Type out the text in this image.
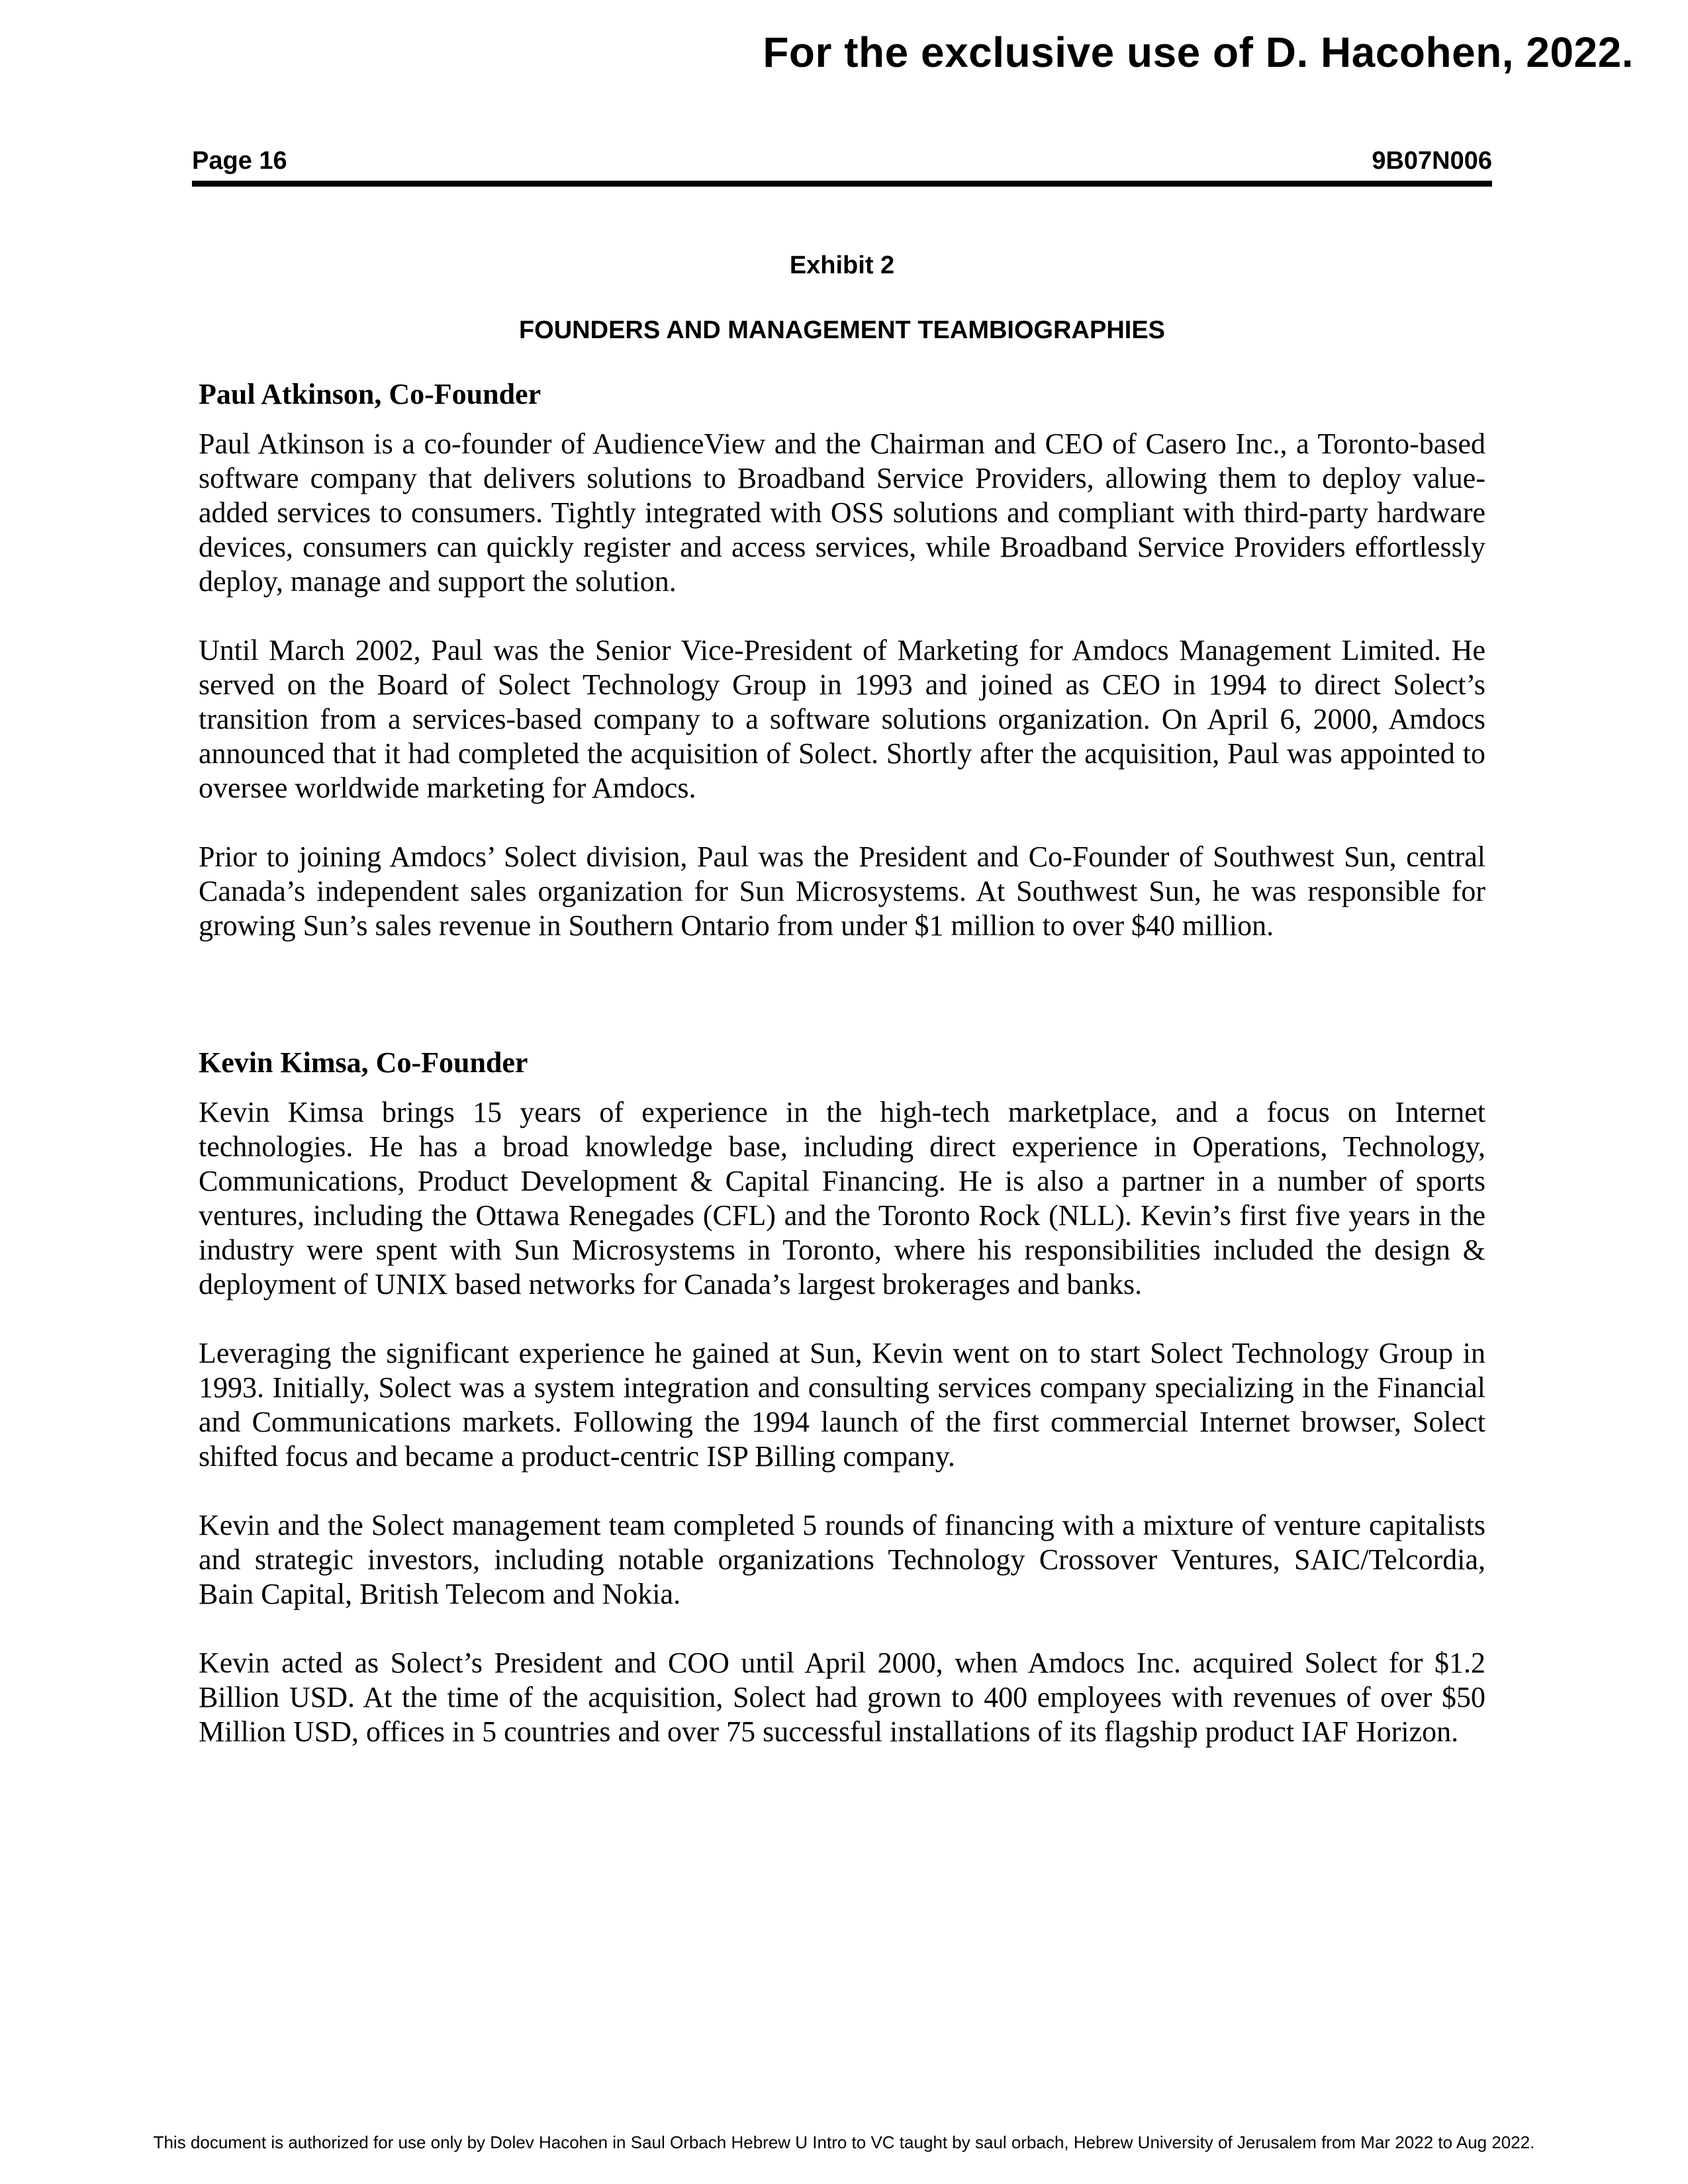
For the exclusive use of D. Hacohen, 2022.
Page 16	9B07N006
Exhibit 2
FOUNDERS AND MANAGEMENT TEAMBIOGRAPHIES
Paul Atkinson, Co-Founder

Paul Atkinson is a co-founder of AudienceView and the Chairman and CEO of Casero Inc., a Toronto-based software company that delivers solutions to Broadband Service Providers, allowing them to deploy value-added services to consumers. Tightly integrated with OSS solutions and compliant with third-party hardware devices, consumers can quickly register and access services, while Broadband Service Providers effortlessly deploy, manage and support the solution.

Until March 2002, Paul was the Senior Vice-President of Marketing for Amdocs Management Limited. He served on the Board of Solect Technology Group in 1993 and joined as CEO in 1994 to direct Solect’s transition from a services-based company to a software solutions organization. On April 6, 2000, Amdocs announced that it had completed the acquisition of Solect. Shortly after the acquisition, Paul was appointed to oversee worldwide marketing for Amdocs.

Prior to joining Amdocs’ Solect division, Paul was the President and Co-Founder of Southwest Sun, central Canada’s independent sales organization for Sun Microsystems. At Southwest Sun, he was responsible for growing Sun’s sales revenue in Southern Ontario from under $1 million to over $40 million.

Kevin Kimsa, Co-Founder

Kevin Kimsa brings 15 years of experience in the high-tech marketplace, and a focus on Internet technologies. He has a broad knowledge base, including direct experience in Operations, Technology, Communications, Product Development & Capital Financing. He is also a partner in a number of sports ventures, including the Ottawa Renegades (CFL) and the Toronto Rock (NLL). Kevin’s first five years in the industry were spent with Sun Microsystems in Toronto, where his responsibilities included the design & deployment of UNIX based networks for Canada’s largest brokerages and banks.

Leveraging the significant experience he gained at Sun, Kevin went on to start Solect Technology Group in 1993. Initially, Solect was a system integration and consulting services company specializing in the Financial and Communications markets. Following the 1994 launch of the first commercial Internet browser, Solect shifted focus and became a product-centric ISP Billing company.

Kevin and the Solect management team completed 5 rounds of financing with a mixture of venture capitalists and strategic investors, including notable organizations Technology Crossover Ventures, SAIC/Telcordia, Bain Capital, British Telecom and Nokia.

Kevin acted as Solect’s President and COO until April 2000, when Amdocs Inc. acquired Solect for $1.2 Billion USD. At the time of the acquisition, Solect had grown to 400 employees with revenues of over $50 Million USD, offices in 5 countries and over 75 successful installations of its flagship product IAF Horizon.

This document is authorized for use only by Dolev Hacohen in Saul Orbach Hebrew U Intro to VC taught by saul orbach, Hebrew University of Jerusalem from Mar 2022 to Aug 2022.
